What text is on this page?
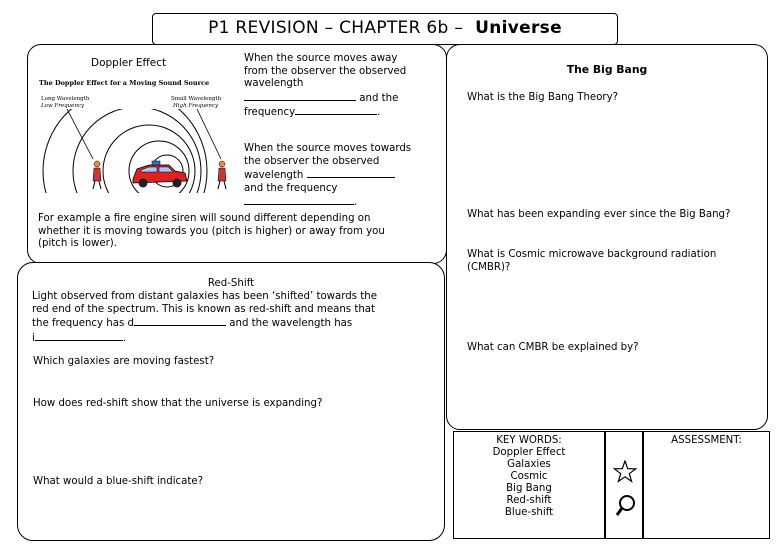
P1 REVISION – CHAPTER 6b – Universe
Doppler Effect
The Doppler Effect for a Moving Sound Source
Long Wavelength
Low Frequency
Small Wavelength
High Frequency
When the source moves away
from the observer the observed
wavelength
and the
frequency	.
When the source moves towards
the observer the observed
wavelength
and the frequency
.
For example a fire engine siren will sound different depending on
whether it is moving towards you (pitch is higher) or away from you
(pitch is lower).
Red-Shift
Light observed from distant galaxies has been ‘shifted’ towards the
red end of the spectrum. This is known as red-shift and means that
the frequency has d	and the wavelength has
i	.
Which galaxies are moving fastest?
How does red-shift show that the universe is expanding?
What would a blue-shift indicate?
The Big Bang
What is the Big Bang Theory?
What has been expanding ever since the Big Bang?
What is Cosmic microwave background radiation
(CMBR)?
What can CMBR be explained by?
KEY WORDS:
Doppler Effect
Galaxies
Cosmic
Big Bang
Red-shift
Blue-shift
ASSESSMENT:
